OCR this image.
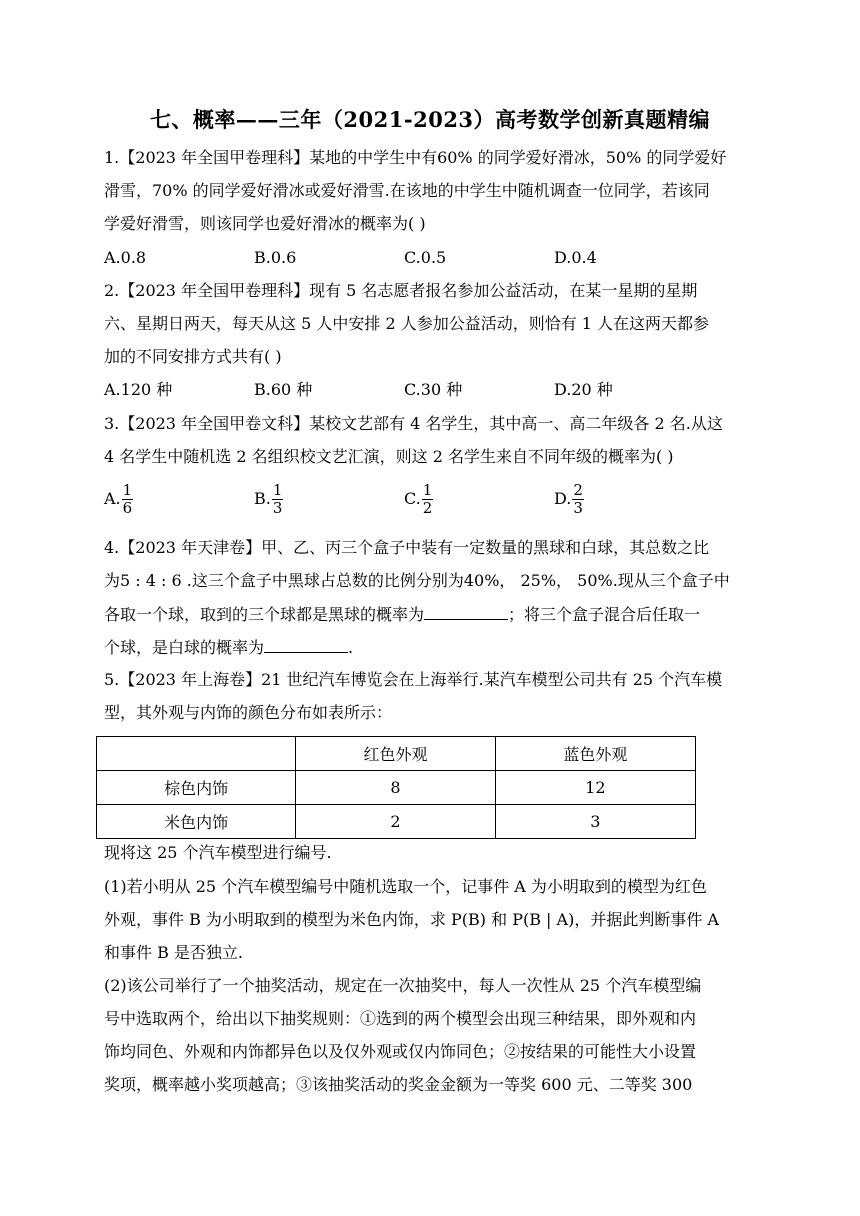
七、概率——三年（2021-2023）高考数学创新真题精编
1.【2023 年全国甲卷理科】某地的中学生中有60% 的同学爱好滑冰，50% 的同学爱好
滑雪，70% 的同学爱好滑冰或爱好滑雪.在该地的中学生中随机调查一位同学，若该同
学爱好滑雪，则该同学也爱好滑冰的概率为( )
A.0.8	B.0.6	C.0.5	D.0.4
2.【2023 年全国甲卷理科】现有 5 名志愿者报名参加公益活动，在某一星期的星期
六、星期日两天，每天从这 5 人中安排 2 人参加公益活动，则恰有 1 人在这两天都参
加的不同安排方式共有( )
A.120 种	B.60 种	C.30 种	D.20 种
3.【2023 年全国甲卷文科】某校文艺部有 4 名学生，其中高一、高二年级各 2 名.从这
4 名学生中随机选 2 名组织校文艺汇演，则这 2 名学生来自不同年级的概率为( )
A. $\frac{1}{6}$	B. $\frac{1}{3}$	C. $\frac{1}{2}$	D. $\frac{2}{3}$
4.【2023 年天津卷】甲、乙、丙三个盒子中装有一定数量的黑球和白球，其总数之比
为5 : 4 : 6 .这三个盒子中黑球占总数的比例分别为40%， 25%， 50%.现从三个盒子中
各取一个球，取到的三个球都是黑球的概率为	；将三个盒子混合后任取一
个球，是白球的概率为	.
5.【2023 年上海卷】21 世纪汽车博览会在上海举行.某汽车模型公司共有 25 个汽车模
型，其外观与内饰的颜色分布如表所示：
	红色外观	蓝色外观
棕色内饰	8	12
米色内饰	2	3
现将这 25 个汽车模型进行编号.
(1)若小明从 25 个汽车模型编号中随机选取一个，记事件 A 为小明取到的模型为红色
外观，事件 B 为小明取到的模型为米色内饰，求 P(B) 和 P(B | A)，并据此判断事件 A
和事件 B 是否独立.
(2)该公司举行了一个抽奖活动，规定在一次抽奖中，每人一次性从 25 个汽车模型编
号中选取两个，给出以下抽奖规则：①选到的两个模型会出现三种结果，即外观和内
饰均同色、外观和内饰都异色以及仅外观或仅内饰同色；②按结果的可能性大小设置
奖项，概率越小奖项越高；③该抽奖活动的奖金金额为一等奖 600 元、二等奖 300
